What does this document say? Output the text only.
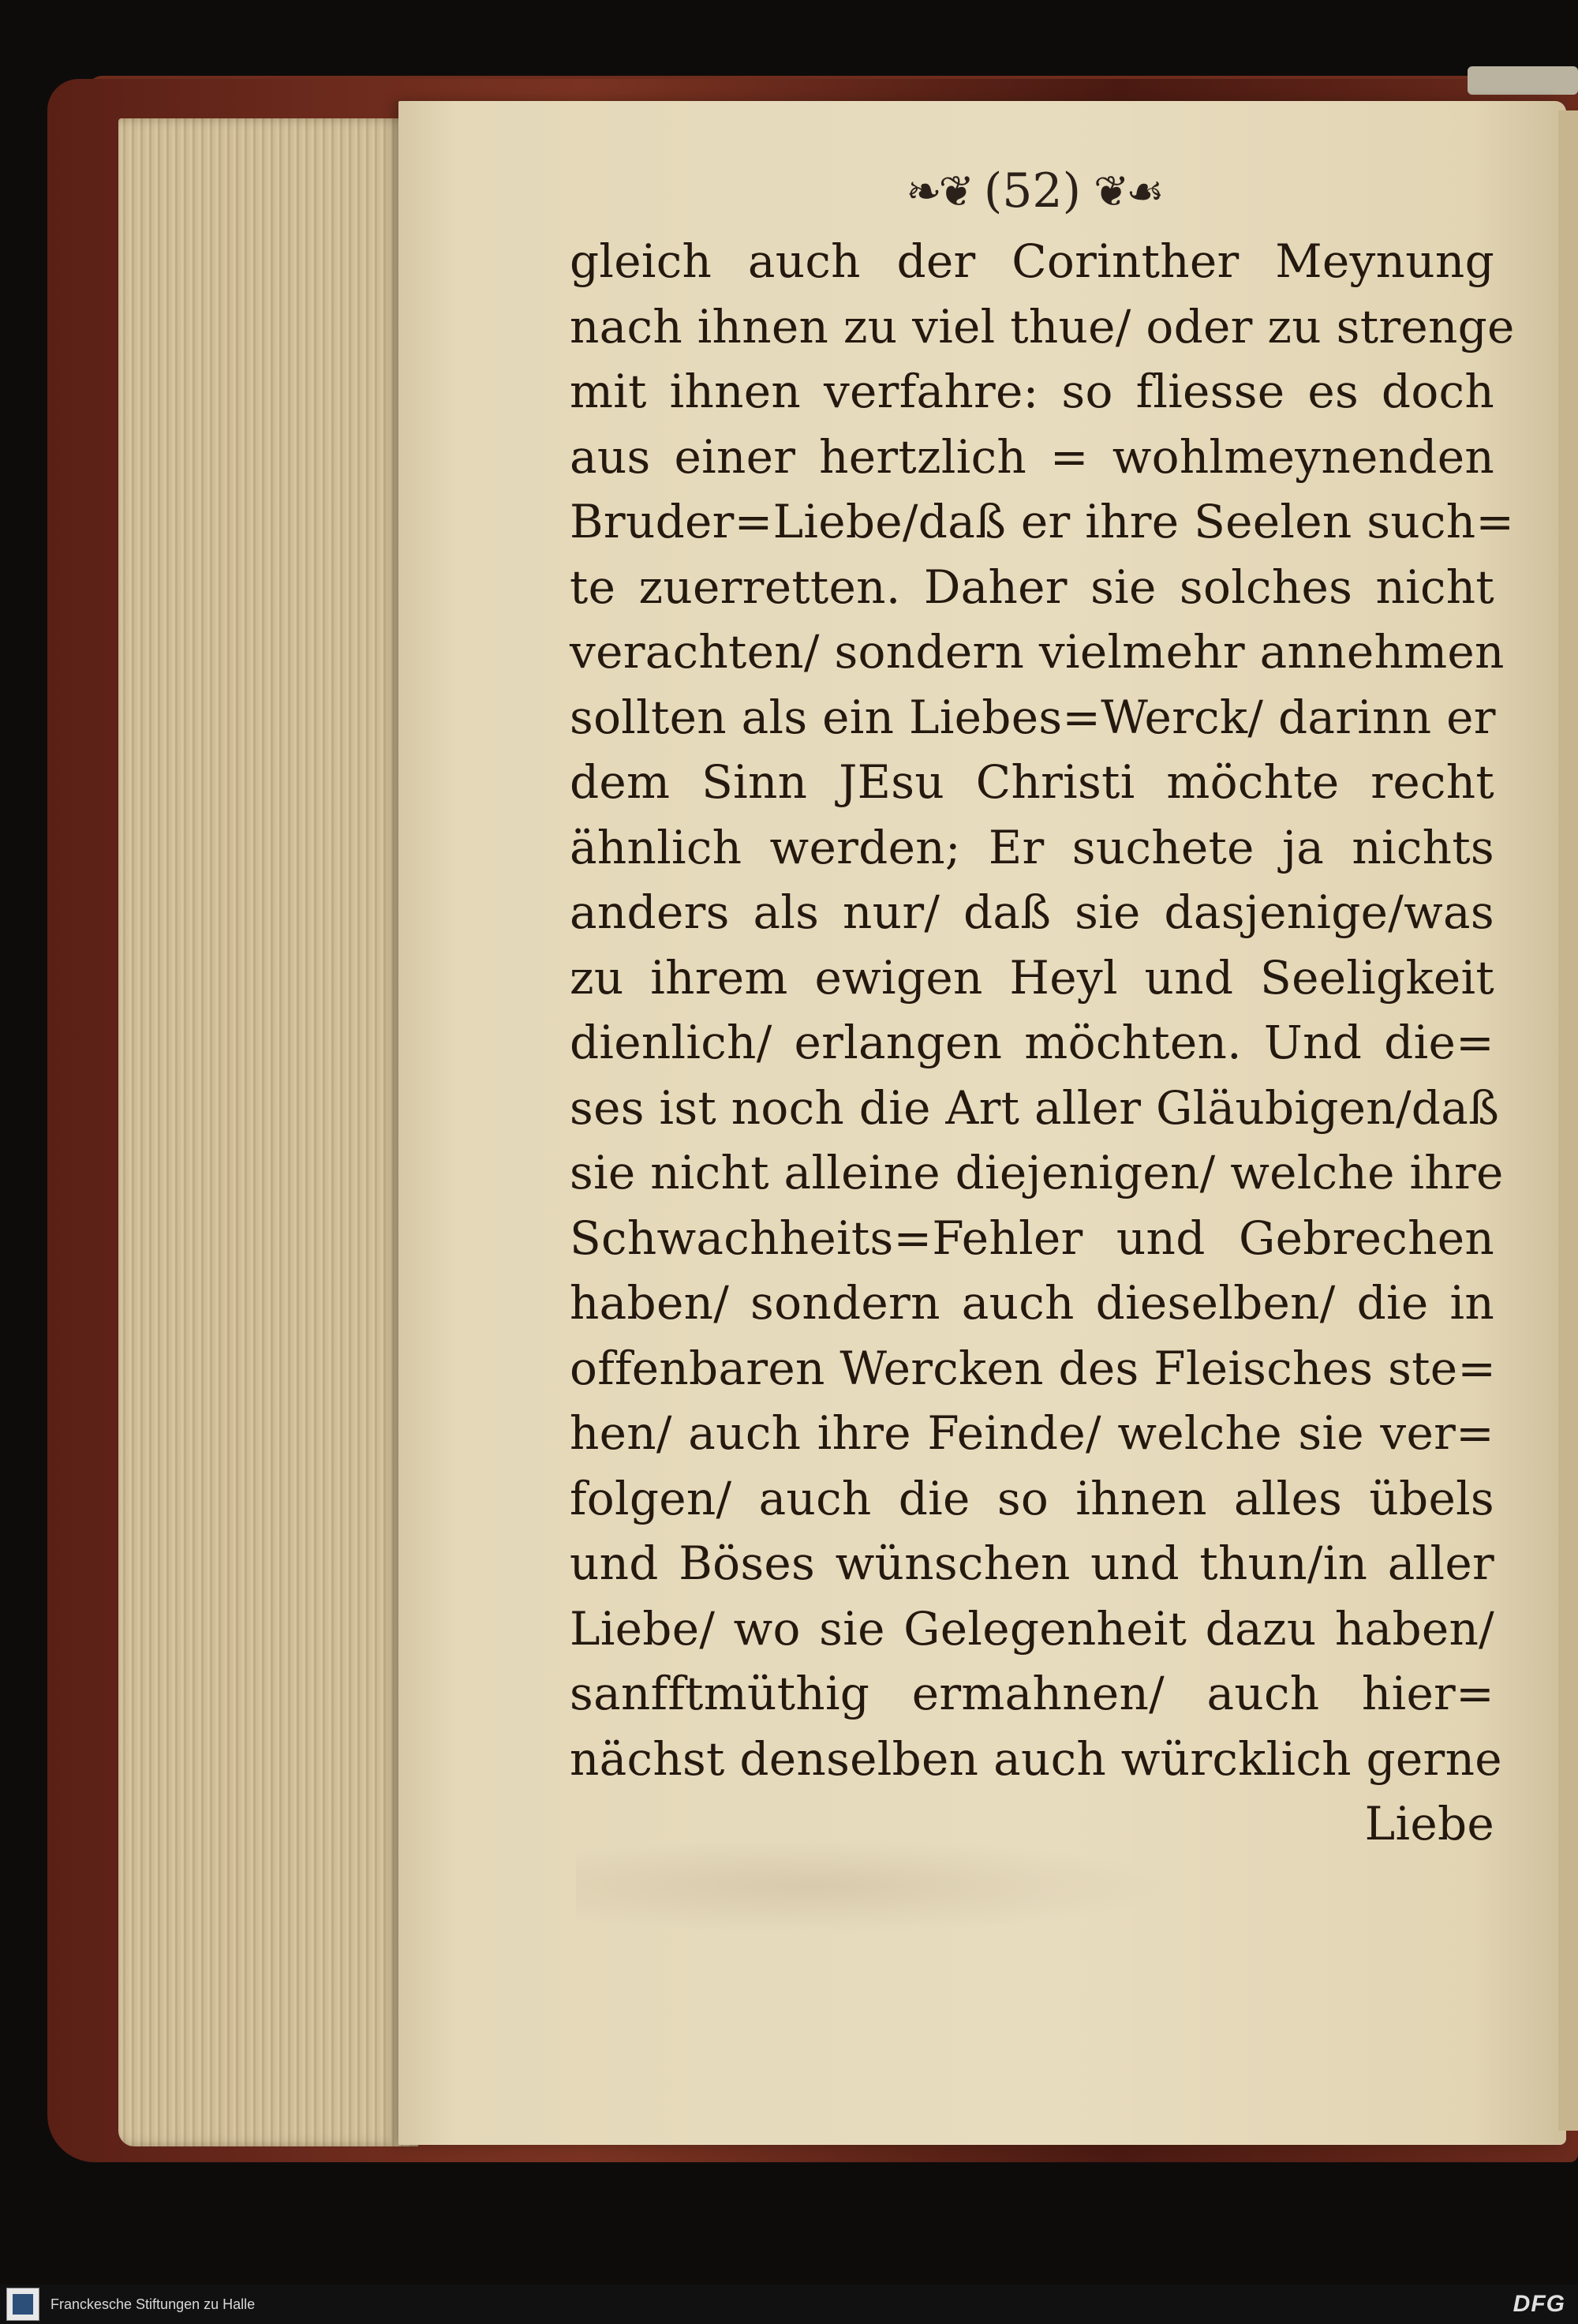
❧❦ (52) ❦☙
gleich auch der Corinther Meynung
nach ihnen zu viel thue/ oder zu strenge
mit ihnen verfahre: so fliesse es doch
aus einer hertzlich = wohlmeynenden
Bruder=Liebe/daß er ihre Seelen such=
te zuerretten. Daher sie solches nicht
verachten/ sondern vielmehr annehmen
sollten als ein Liebes=Werck/ darinn er
dem Sinn JEsu Christi möchte recht
ähnlich werden; Er suchete ja nichts
anders als nur/ daß sie dasjenige/was
zu ihrem ewigen Heyl und Seeligkeit
dienlich/ erlangen möchten. Und die=
ses ist noch die Art aller Gläubigen/daß
sie nicht alleine diejenigen/ welche ihre
Schwachheits=Fehler und Gebrechen
haben/ sondern auch dieselben/ die in
offenbaren Wercken des Fleisches ste=
hen/ auch ihre Feinde/ welche sie ver=
folgen/ auch die so ihnen alles übels
und Böses wünschen und thun/in aller
Liebe/ wo sie Gelegenheit dazu haben/
sanfftmüthig ermahnen/ auch hier=
nächst denselben auch würcklich gerne
Liebe
Franckesche Stiftungen zu Halle	DFG
